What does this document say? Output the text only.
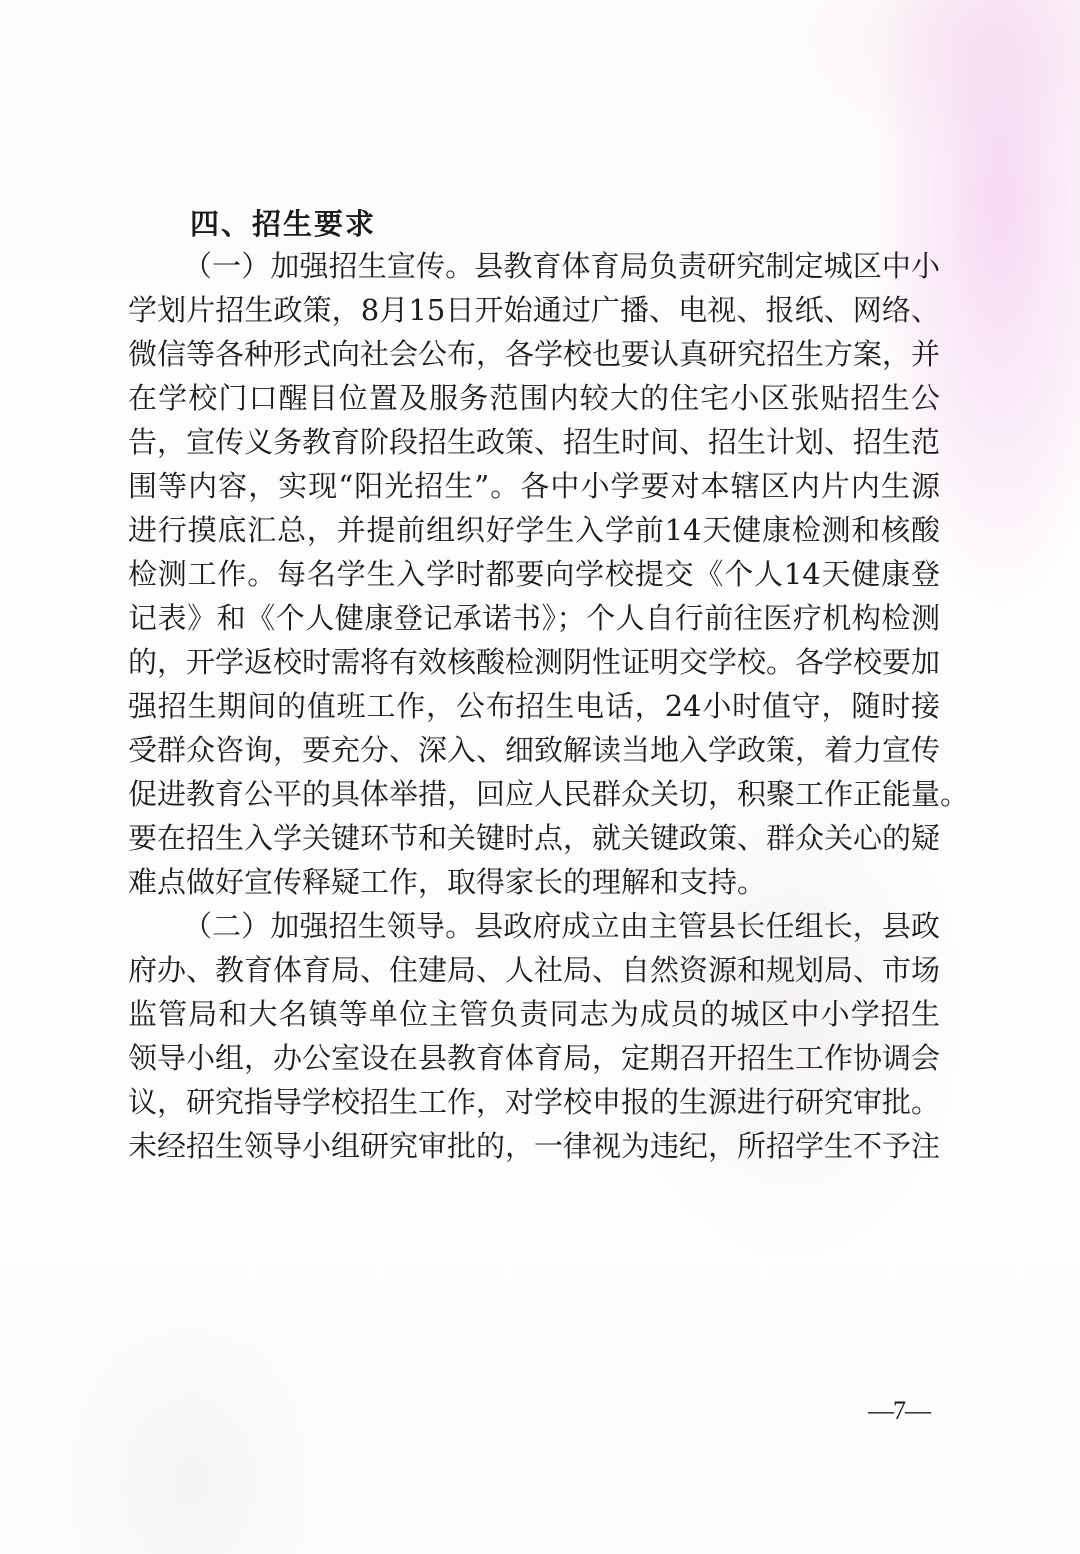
四、招生要求
（一）加强招生宣传。县教育体育局负责研究制定城区中小
学划片招生政策，8月15日开始通过广播、电视、报纸、网络、
微信等各种形式向社会公布，各学校也要认真研究招生方案，并
在学校门口醒目位置及服务范围内较大的住宅小区张贴招生公
告，宣传义务教育阶段招生政策、招生时间、招生计划、招生范
围等内容，实现“阳光招生”。各中小学要对本辖区内片内生源
进行摸底汇总，并提前组织好学生入学前14天健康检测和核酸
检测工作。每名学生入学时都要向学校提交《个人14天健康登
记表》和《个人健康登记承诺书》；个人自行前往医疗机构检测
的，开学返校时需将有效核酸检测阴性证明交学校。各学校要加
强招生期间的值班工作，公布招生电话，24小时值守，随时接
受群众咨询，要充分、深入、细致解读当地入学政策，着力宣传
促进教育公平的具体举措，回应人民群众关切，积聚工作正能量。
要在招生入学关键环节和关键时点，就关键政策、群众关心的疑
难点做好宣传释疑工作，取得家长的理解和支持。
（二）加强招生领导。县政府成立由主管县长任组长，县政
府办、教育体育局、住建局、人社局、自然资源和规划局、市场
监管局和大名镇等单位主管负责同志为成员的城区中小学招生
领导小组，办公室设在县教育体育局，定期召开招生工作协调会
议，研究指导学校招生工作，对学校申报的生源进行研究审批。
未经招生领导小组研究审批的，一律视为违纪，所招学生不予注
—7—
